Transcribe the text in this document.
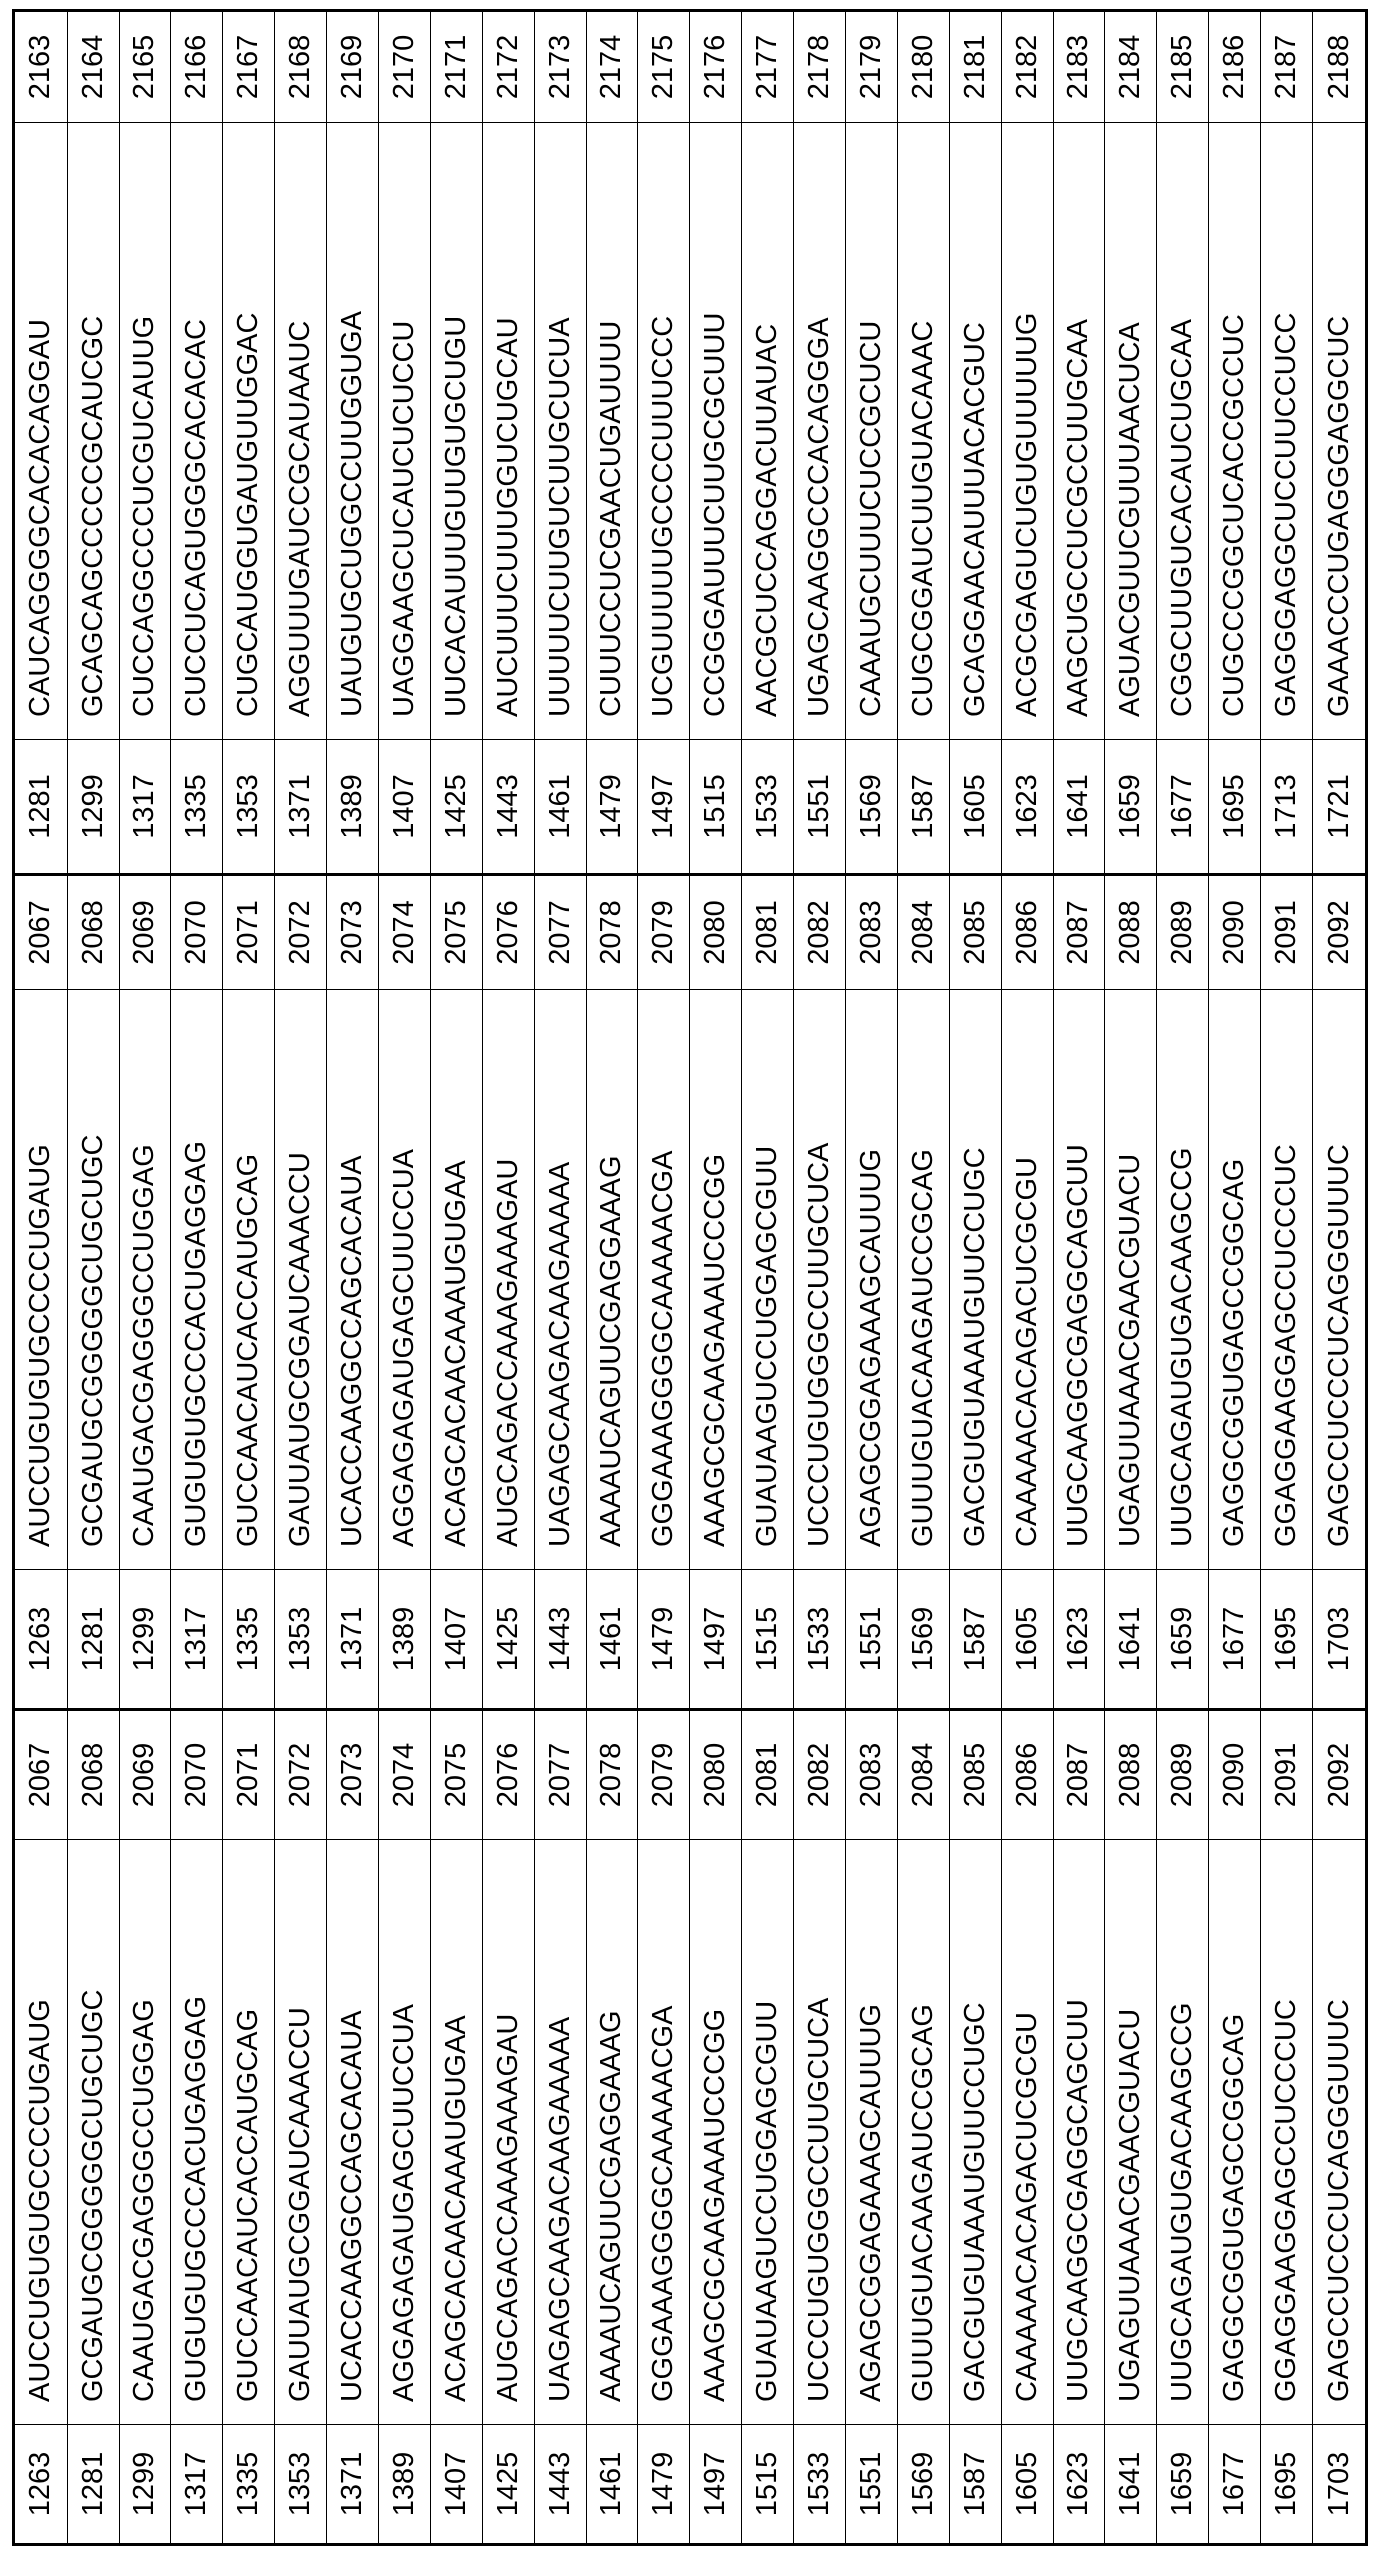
1263	AUCCUGUGUGCCCCUGAUG	2067	1263	AUCCUGUGUGCCCCUGAUG	2067	1281	CAUCAGGGGCACACAGGAU	2163
1281	GCGAUGCGGGGGCUGCUGC	2068	1281	GCGAUGCGGGGGCUGCUGC	2068	1299	GCAGCAGCCCCCGCAUCGC	2164
1299	CAAUGACGAGGGCCUGGAG	2069	1299	CAAUGACGAGGGCCUGGAG	2069	1317	CUCCAGGCCCUCGUCAUUG	2165
1317	GUGUGUGCCCACUGAGGAG	2070	1317	GUGUGUGCCCACUGAGGAG	2070	1335	CUCCUCAGUGGGCACACAC	2166
1335	GUCCAACAUCACCAUGCAG	2071	1335	GUCCAACAUCACCAUGCAG	2071	1353	CUGCAUGGUGAUGUUGGAC	2167
1353	GAUUAUGCGGAUCAAACCU	2072	1353	GAUUAUGCGGAUCAAACCU	2072	1371	AGGUUUGAUCCGCAUAAUC	2168
1371	UCACCAAGGCCAGCACAUA	2073	1371	UCACCAAGGCCAGCACAUA	2073	1389	UAUGUGCUGGCCUUGGUGA	2169
1389	AGGAGAGAUGAGCUUCCUA	2074	1389	AGGAGAGAUGAGCUUCCUA	2074	1407	UAGGAAGCUCAUCUCUCCU	2170
1407	ACAGCACAACAAAUGUGAA	2075	1407	ACAGCACAACAAAUGUGAA	2075	1425	UUCACAUUUGUUGUGCUGU	2171
1425	AUGCAGACCAAAGAAAGAU	2076	1425	AUGCAGACCAAAGAAAGAU	2076	1443	AUCUUUCUUUGGUCUGCAU	2172
1443	UAGAGCAAGACAAGAAAAA	2077	1443	UAGAGCAAGACAAGAAAAA	2077	1461	UUUUUCUUGUCUUGCUCUA	2173
1461	AAAAUCAGUUCGAGGAAAG	2078	1461	AAAAUCAGUUCGAGGAAAG	2078	1479	CUUUCCUCGAACUGAUUUU	2174
1479	GGGAAAGGGGCAAAAACGA	2079	1479	GGGAAAGGGGCAAAAACGA	2079	1497	UCGUUUUUGCCCCUUUCCC	2175
1497	AAAGCGCAAGAAAUCCCGG	2080	1497	AAAGCGCAAGAAAUCCCGG	2080	1515	CCGGGAUUUCUUGCGCUUU	2176
1515	GUAUAAGUCCUGGAGCGUU	2081	1515	GUAUAAGUCCUGGAGCGUU	2081	1533	AACGCUCCAGGACUUAUAC	2177
1533	UCCCUGUGGGCCUUGCUCA	2082	1533	UCCCUGUGGGCCUUGCUCA	2082	1551	UGAGCAAGGCCCACAGGGA	2178
1551	AGAGCGGAGAAAGCAUUUG	2083	1551	AGAGCGGAGAAAGCAUUUG	2083	1569	CAAAUGCUUUCUCCGCUCU	2179
1569	GUUUGUACAAGAUCCGCAG	2084	1569	GUUUGUACAAGAUCCGCAG	2084	1587	CUGCGGAUCUUGUACAAAC	2180
1587	GACGUGUAAAUGUUCCUGC	2085	1587	GACGUGUAAAUGUUCCUGC	2085	1605	GCAGGAACAUUUACACGUC	2181
1605	CAAAAACACAGACUCGCGU	2086	1605	CAAAAACACAGACUCGCGU	2086	1623	ACGCGAGUCUGUGUUUUUG	2182
1623	UUGCAAGGCGAGGCAGCUU	2087	1623	UUGCAAGGCGAGGCAGCUU	2087	1641	AAGCUGCCUCGCCUUGCAA	2183
1641	UGAGUUAAACGAACGUACU	2088	1641	UGAGUUAAACGAACGUACU	2088	1659	AGUACGUUCGUUUAACUCA	2184
1659	UUGCAGAUGUGACAAGCCG	2089	1659	UUGCAGAUGUGACAAGCCG	2089	1677	CGGCUUGUCACAUCUGCAA	2185
1677	GAGGCGGUGAGCCGGCAG	2090	1677	GAGGCGGUGAGCCGGCAG	2090	1695	CUGCCCGGCUCACCGCCUC	2186
1695	GGAGGAAGGAGCCUCCCUC	2091	1695	GGAGGAAGGAGCCUCCCUC	2091	1713	GAGGGAGGCUCCUUCCUCC	2187
1703	GAGCCUCCCUCAGGGUUUC	2092	1703	GAGCCUCCCUCAGGGUUUC	2092	1721	GAAACCCUGAGGGAGGCUC	2188
